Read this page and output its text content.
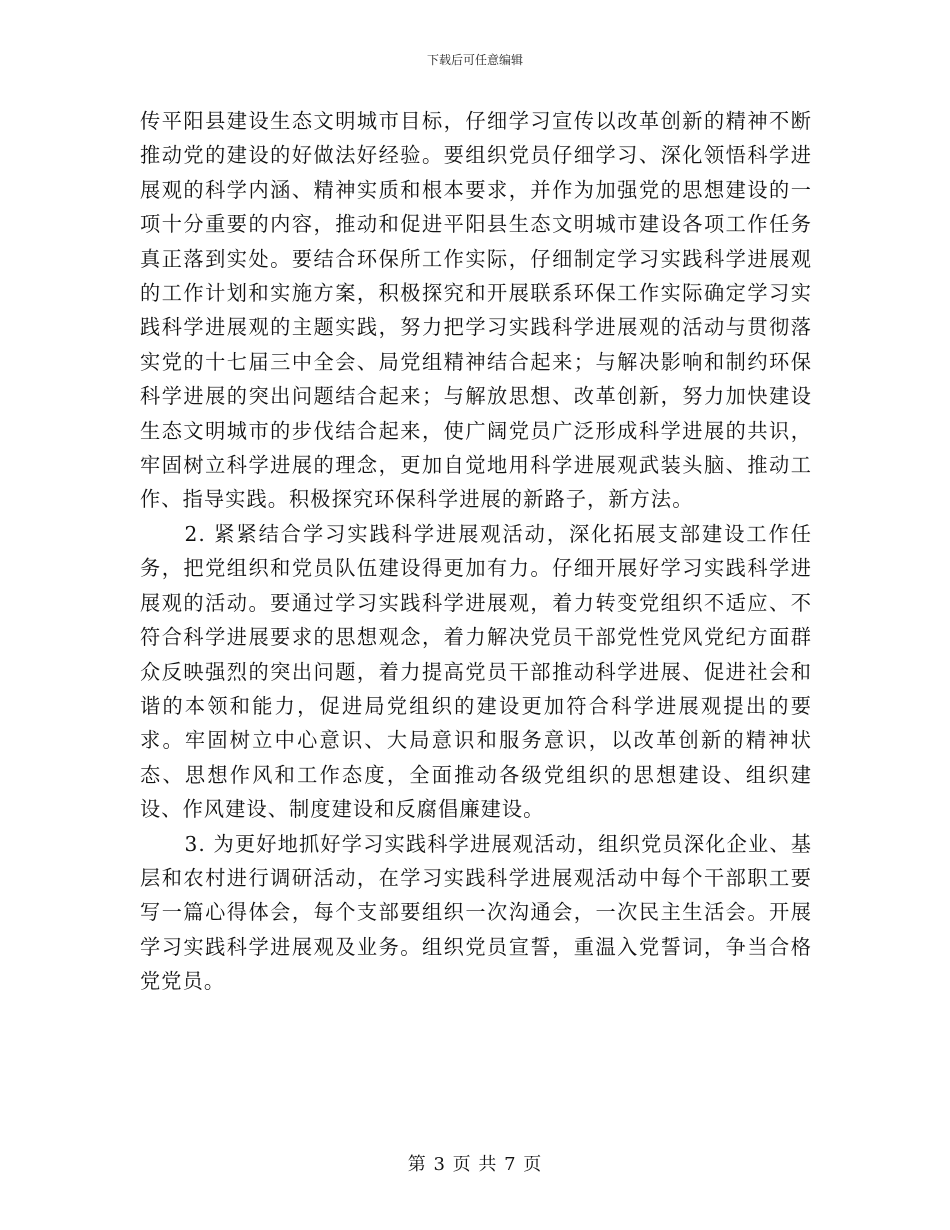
下载后可任意编辑

传平阳县建设生态文明城市目标，仔细学习宣传以改革创新的精神不断推动党的建设的好做法好经验。要组织党员仔细学习、深化领悟科学进展观的科学内涵、精神实质和根本要求，并作为加强党的思想建设的一项十分重要的内容，推动和促进平阳县生态文明城市建设各项工作任务真正落到实处。要结合环保所工作实际，仔细制定学习实践科学进展观的工作计划和实施方案，积极探究和开展联系环保工作实际确定学习实践科学进展观的主题实践，努力把学习实践科学进展观的活动与贯彻落实党的十七届三中全会、局党组精神结合起来；与解决影响和制约环保科学进展的突出问题结合起来；与解放思想、改革创新，努力加快建设生态文明城市的步伐结合起来，使广阔党员广泛形成科学进展的共识，牢固树立科学进展的理念，更加自觉地用科学进展观武装头脑、推动工作、指导实践。积极探究环保科学进展的新路子，新方法。

2. 紧紧结合学习实践科学进展观活动，深化拓展支部建设工作任务，把党组织和党员队伍建设得更加有力。仔细开展好学习实践科学进展观的活动。要通过学习实践科学进展观，着力转变党组织不适应、不符合科学进展要求的思想观念，着力解决党员干部党性党风党纪方面群众反映强烈的突出问题，着力提高党员干部推动科学进展、促进社会和谐的本领和能力，促进局党组织的建设更加符合科学进展观提出的要求。牢固树立中心意识、大局意识和服务意识，以改革创新的精神状态、思想作风和工作态度，全面推动各级党组织的思想建设、组织建设、作风建设、制度建设和反腐倡廉建设。

3. 为更好地抓好学习实践科学进展观活动，组织党员深化企业、基层和农村进行调研活动，在学习实践科学进展观活动中每个干部职工要写一篇心得体会，每个支部要组织一次沟通会，一次民主生活会。开展学习实践科学进展观及业务。组织党员宣誓，重温入党誓词，争当合格党党员。

第 3 页 共 7 页
